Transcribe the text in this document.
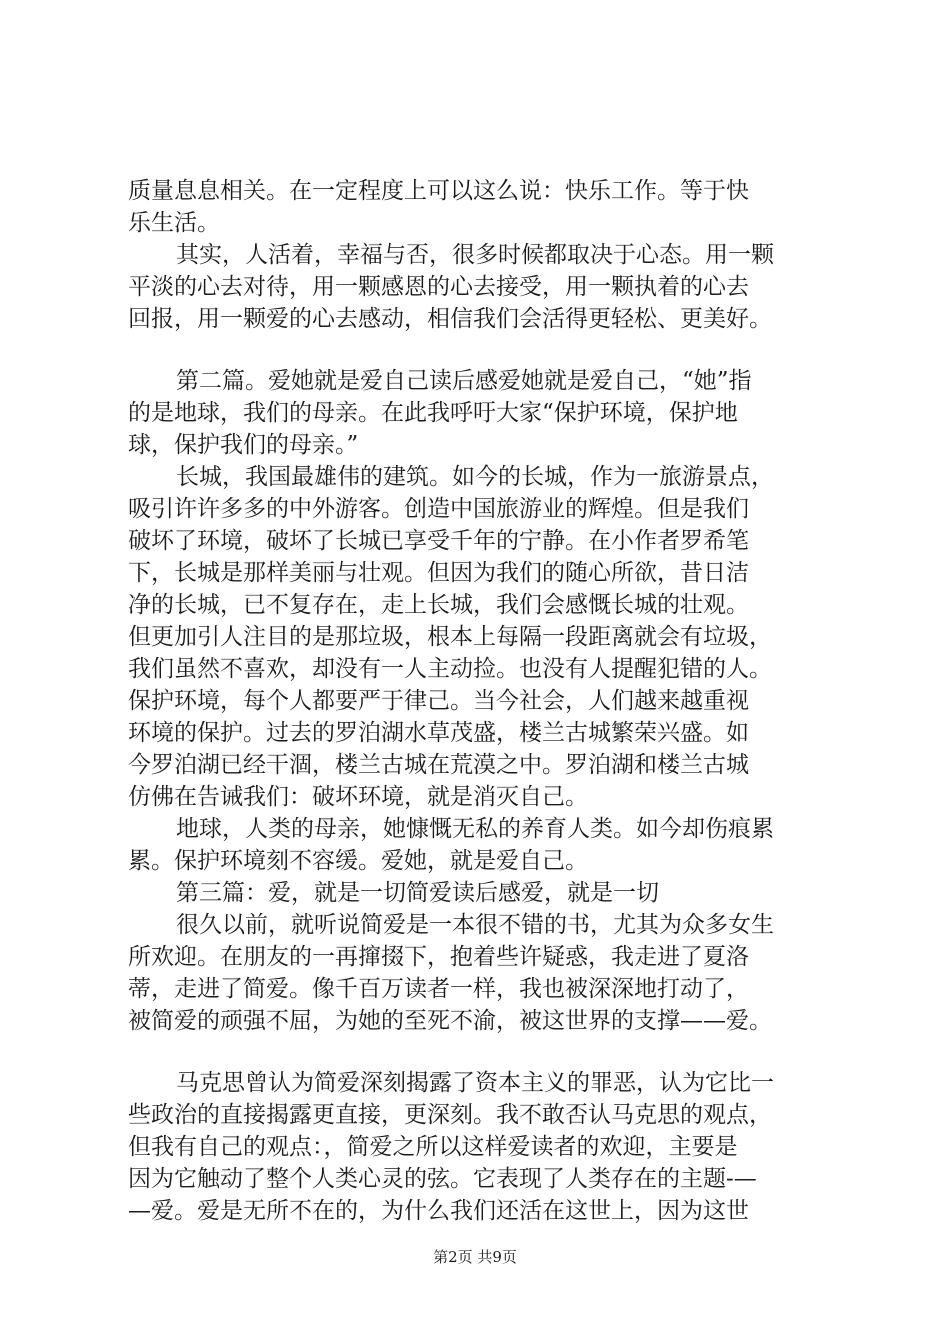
质量息息相关。在一定程度上可以这么说：快乐工作。等于快
乐生活。
其实，人活着，幸福与否，很多时候都取决于心态。用一颗
平淡的心去对待，用一颗感恩的心去接受，用一颗执着的心去
回报，用一颗爱的心去感动，相信我们会活得更轻松、更美好。
第二篇。爱她就是爱自己读后感爱她就是爱自己，“她”指
的是地球，我们的母亲。在此我呼吁大家“保护环境，保护地
球，保护我们的母亲。”
长城，我国最雄伟的建筑。如今的长城，作为一旅游景点，
吸引许许多多的中外游客。创造中国旅游业的辉煌。但是我们
破坏了环境，破坏了长城已享受千年的宁静。在小作者罗希笔
下，长城是那样美丽与壮观。但因为我们的随心所欲，昔日洁
净的长城，已不复存在，走上长城，我们会感慨长城的壮观。
但更加引人注目的是那垃圾，根本上每隔一段距离就会有垃圾，
我们虽然不喜欢，却没有一人主动捡。也没有人提醒犯错的人。
保护环境，每个人都要严于律己。当今社会，人们越来越重视
环境的保护。过去的罗泊湖水草茂盛，楼兰古城繁荣兴盛。如
今罗泊湖已经干涸，楼兰古城在荒漠之中。罗泊湖和楼兰古城
仿佛在告诫我们：破坏环境，就是消灭自己。
地球，人类的母亲，她慷慨无私的养育人类。如今却伤痕累
累。保护环境刻不容缓。爱她，就是爱自己。
第三篇：爱，就是一切简爱读后感爱，就是一切
很久以前，就听说简爱是一本很不错的书，尤其为众多女生
所欢迎。在朋友的一再撺掇下，抱着些许疑惑，我走进了夏洛
蒂，走进了简爱。像千百万读者一样，我也被深深地打动了，
被简爱的顽强不屈，为她的至死不渝，被这世界的支撑——爱。
马克思曾认为简爱深刻揭露了资本主义的罪恶，认为它比一
些政治的直接揭露更直接，更深刻。我不敢否认马克思的观点，
但我有自己的观点：，简爱之所以这样爱读者的欢迎，主要是
因为它触动了整个人类心灵的弦。它表现了人类存在的主题-—
—爱。爱是无所不在的，为什么我们还活在这世上，因为这世
第2页 共9页
